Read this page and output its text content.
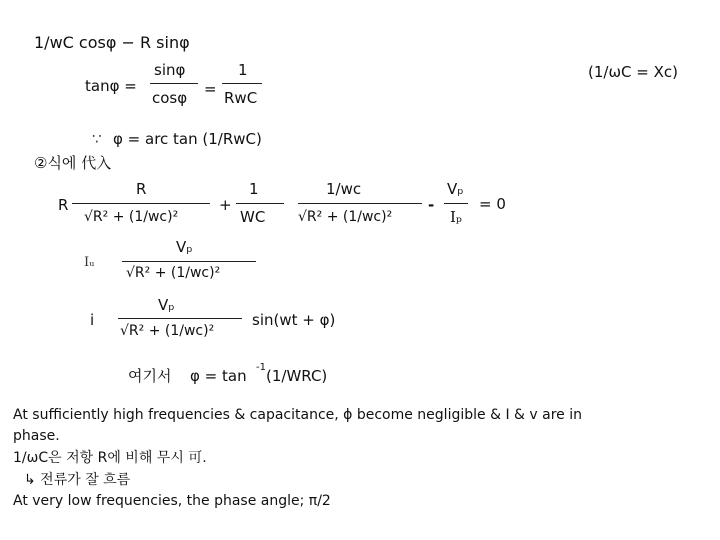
1/wC cosφ − R sinφ
tanφ =
sinφ
cosφ =
1
RwC
(1/ωC = Xc)
∵ φ = arc tan (1/RwC)
②식에 代入
R
R
√R² + (1/wc)²
+
1
WC
1/wc
√R² + (1/wc)²
-
Vₚ
Iₚ
= 0
Iᵤ
Vₚ
√R² + (1/wc)²
i
Vₚ
√R² + (1/wc)²
sin(wt + φ)
여기서 φ = tan -1 (1/WRC)
At sufficiently high frequencies & capacitance, ϕ become negligible & I & v are in
phase.
1/ωC은 저항 R에 비해 무시 可.
↳ 전류가 잘 흐름
At very low frequencies, the phase angle; π/2
